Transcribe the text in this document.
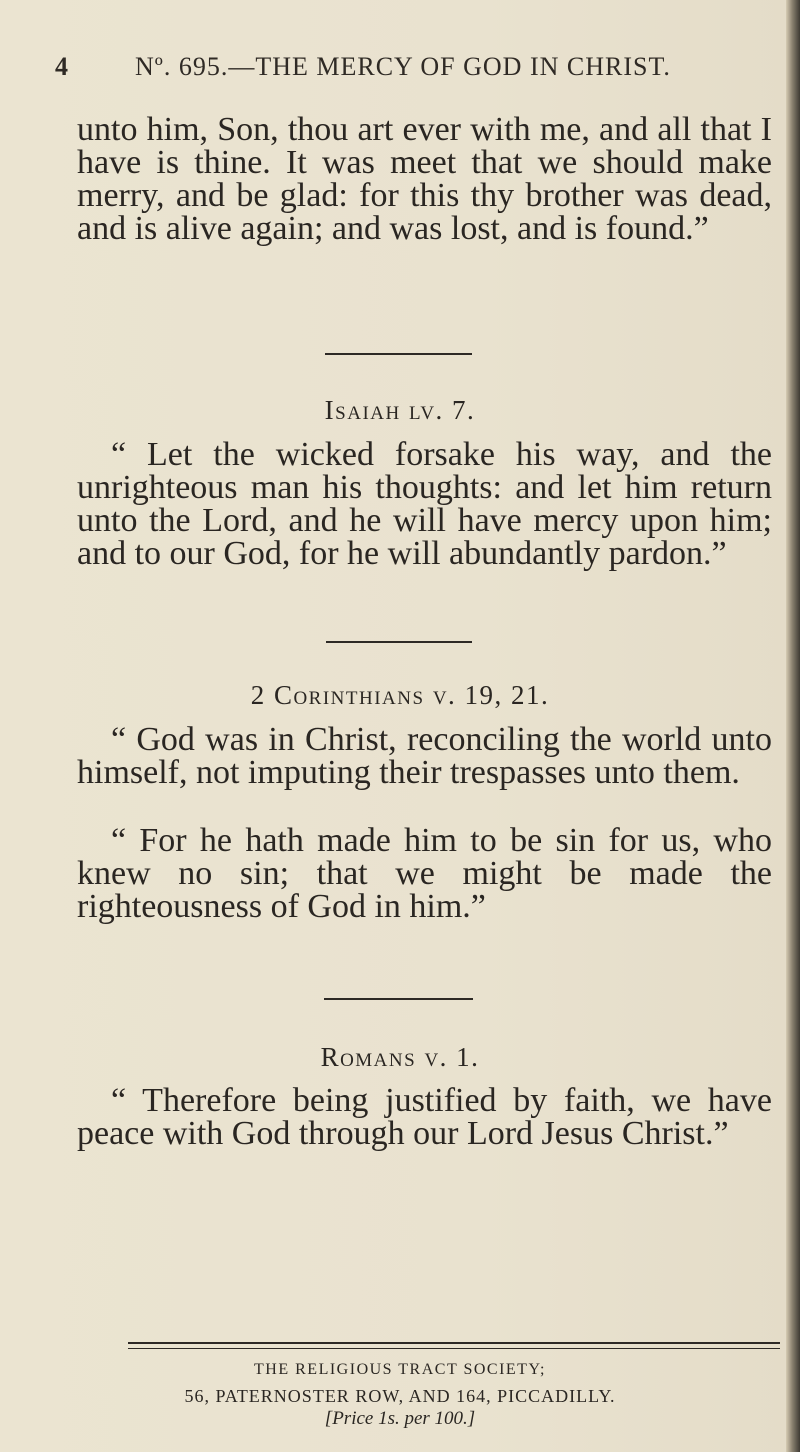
4	Nº. 695.—THE MERCY OF GOD IN CHRIST.

unto him, Son, thou art ever with me, and all that I have is thine. It was meet that we should make merry, and be glad: for this thy brother was dead, and is alive again; and was lost, and is found.”

Isaiah lv. 7.

“ Let the wicked forsake his way, and the unrighteous man his thoughts: and let him return unto the Lord, and he will have mercy upon him; and to our God, for he will abundantly pardon.”

2 Corinthians v. 19, 21.

“ God was in Christ, reconciling the world unto himself, not imputing their trespasses unto them.

“ For he hath made him to be sin for us, who knew no sin; that we might be made the righteousness of God in him.”

Romans v. 1.

“ Therefore being justified by faith, we have peace with God through our Lord Jesus Christ.”

THE RELIGIOUS TRACT SOCIETY;

56, PATERNOSTER ROW, AND 164, PICCADILLY.

[Price 1s. per 100.]
